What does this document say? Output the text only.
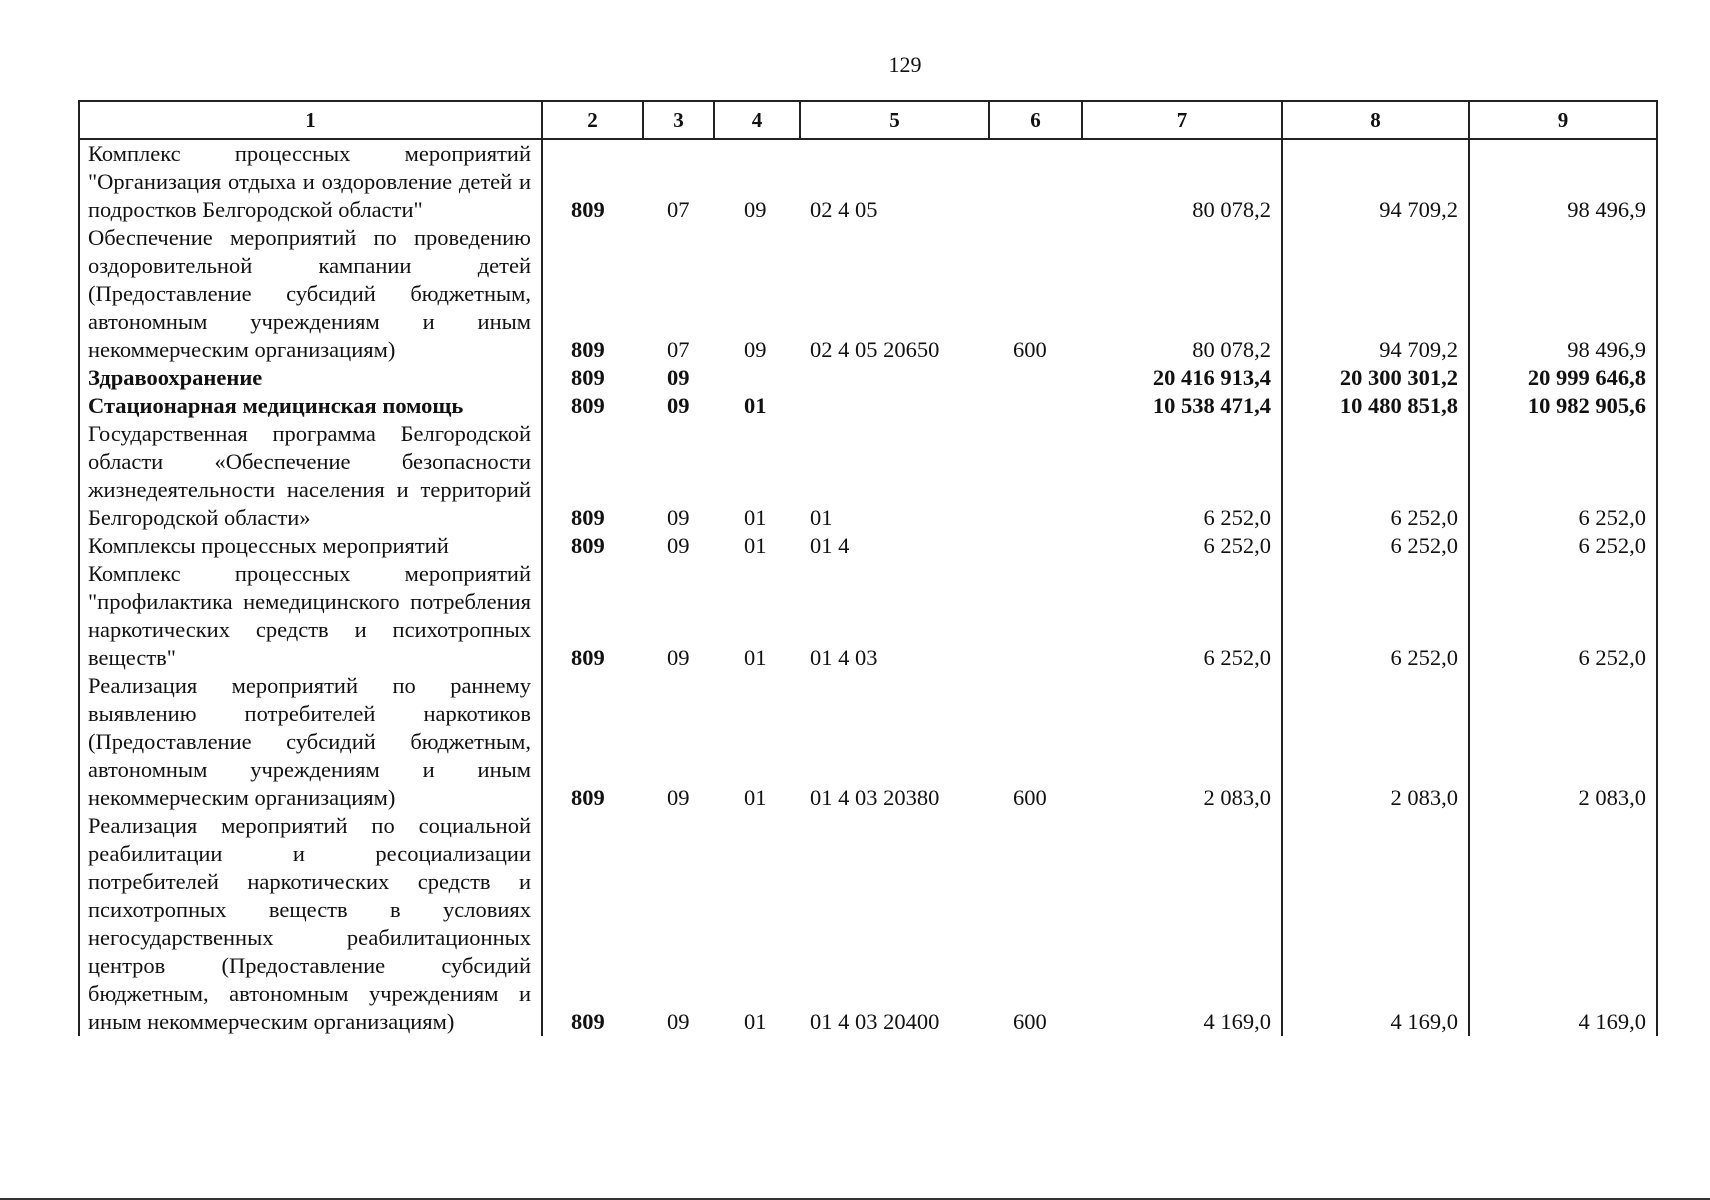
129
1	2	3	4	5	6	7	8	9
Комплекс процессных мероприятий "Организация отдыха и оздоровление детей и подростков Белгородской области"	809	07	09	02 4 05		80 078,2	94 709,2	98 496,9
Обеспечение мероприятий по проведению оздоровительной кампании детей (Предоставление субсидий бюджетным, автономным учреждениям и иным некоммерческим организациям)	809	07	09	02 4 05 20650	600	80 078,2	94 709,2	98 496,9
Здравоохранение	809	09				20 416 913,4	20 300 301,2	20 999 646,8
Стационарная медицинская помощь	809	09	01			10 538 471,4	10 480 851,8	10 982 905,6
Государственная программа Белгородской области «Обеспечение безопасности жизнедеятельности населения и территорий Белгородской области»	809	09	01	01		6 252,0	6 252,0	6 252,0
Комплексы процессных мероприятий	809	09	01	01 4		6 252,0	6 252,0	6 252,0
Комплекс процессных мероприятий "профилактика немедицинского потребления наркотических средств и психотропных веществ"	809	09	01	01 4 03		6 252,0	6 252,0	6 252,0
Реализация мероприятий по раннему выявлению потребителей наркотиков (Предоставление субсидий бюджетным, автономным учреждениям и иным некоммерческим организациям)	809	09	01	01 4 03 20380	600	2 083,0	2 083,0	2 083,0
Реализация мероприятий по социальной реабилитации и ресоциализации потребителей наркотических средств и психотропных веществ в условиях негосударственных реабилитационных центров (Предоставление субсидий бюджетным, автономным учреждениям и иным некоммерческим организациям)	809	09	01	01 4 03 20400	600	4 169,0	4 169,0	4 169,0
